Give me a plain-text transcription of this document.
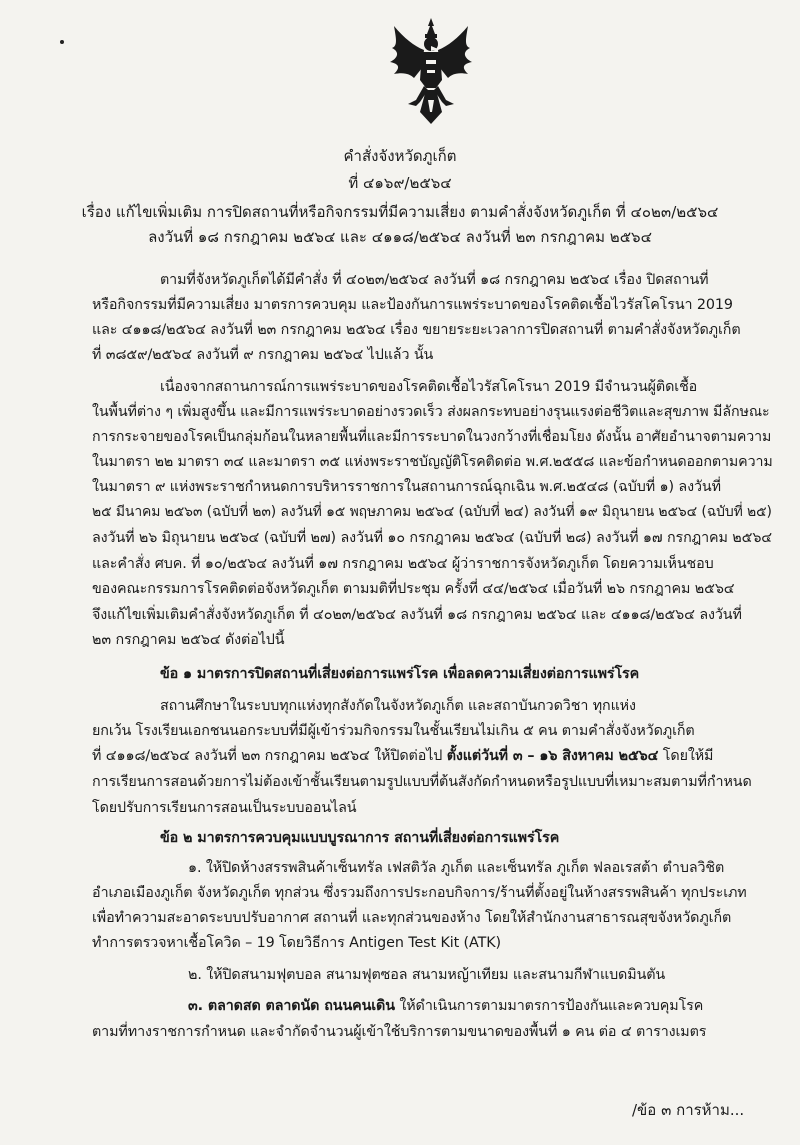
คำสั่งจังหวัดภูเก็ต
ที่ ๔๑๖๙/๒๕๖๔
เรื่อง แก้ไขเพิ่มเติม การปิดสถานที่หรือกิจกรรมที่มีความเสี่ยง ตามคำสั่งจังหวัดภูเก็ต ที่ ๔๐๒๓/๒๕๖๔
ลงวันที่ ๑๘ กรกฎาคม ๒๕๖๔ และ ๔๑๑๘/๒๕๖๔ ลงวันที่ ๒๓ กรกฎาคม ๒๕๖๔
ตามที่จังหวัดภูเก็ตได้มีคำสั่ง ที่ ๔๐๒๓/๒๕๖๔ ลงวันที่ ๑๘ กรกฎาคม ๒๕๖๔ เรื่อง ปิดสถานที่
หรือกิจกรรมที่มีความเสี่ยง มาตรการควบคุม และป้องกันการแพร่ระบาดของโรคติดเชื้อไวรัสโคโรนา 2019
และ ๔๑๑๘/๒๕๖๔ ลงวันที่ ๒๓ กรกฎาคม ๒๕๖๔ เรื่อง ขยายระยะเวลาการปิดสถานที่ ตามคำสั่งจังหวัดภูเก็ต
ที่ ๓๘๕๙/๒๕๖๔ ลงวันที่ ๙ กรกฎาคม ๒๕๖๔ ไปแล้ว นั้น
เนื่องจากสถานการณ์การแพร่ระบาดของโรคติดเชื้อไวรัสโคโรนา 2019 มีจำนวนผู้ติดเชื้อ
ในพื้นที่ต่าง ๆ เพิ่มสูงขึ้น และมีการแพร่ระบาดอย่างรวดเร็ว ส่งผลกระทบอย่างรุนแรงต่อชีวิตและสุขภาพ มีลักษณะ
การกระจายของโรคเป็นกลุ่มก้อนในหลายพื้นที่และมีการระบาดในวงกว้างที่เชื่อมโยง ดังนั้น อาศัยอำนาจตามความ
ในมาตรา ๒๒ มาตรา ๓๔ และมาตรา ๓๕ แห่งพระราชบัญญัติโรคติดต่อ พ.ศ.๒๕๕๘ และข้อกำหนดออกตามความ
ในมาตรา ๙ แห่งพระราชกำหนดการบริหารราชการในสถานการณ์ฉุกเฉิน พ.ศ.๒๕๔๘ (ฉบับที่ ๑) ลงวันที่
๒๕ มีนาคม ๒๕๖๓ (ฉบับที่ ๒๓) ลงวันที่ ๑๕ พฤษภาคม ๒๕๖๔ (ฉบับที่ ๒๔) ลงวันที่ ๑๙ มิถุนายน ๒๕๖๔ (ฉบับที่ ๒๕)
ลงวันที่ ๒๖ มิถุนายน ๒๕๖๔ (ฉบับที่ ๒๗) ลงวันที่ ๑๐ กรกฎาคม ๒๕๖๔ (ฉบับที่ ๒๘) ลงวันที่ ๑๗ กรกฎาคม ๒๕๖๔
และคำสั่ง ศบค. ที่ ๑๐/๒๕๖๔ ลงวันที่ ๑๗ กรกฎาคม ๒๕๖๔ ผู้ว่าราชการจังหวัดภูเก็ต โดยความเห็นชอบ
ของคณะกรรมการโรคติดต่อจังหวัดภูเก็ต ตามมติที่ประชุม ครั้งที่ ๔๔/๒๕๖๔ เมื่อวันที่ ๒๖ กรกฎาคม ๒๕๖๔
จึงแก้ไขเพิ่มเติมคำสั่งจังหวัดภูเก็ต ที่ ๔๐๒๓/๒๕๖๔ ลงวันที่ ๑๘ กรกฎาคม ๒๕๖๔ และ ๔๑๑๘/๒๕๖๔ ลงวันที่
๒๓ กรกฎาคม ๒๕๖๔ ดังต่อไปนี้
ข้อ ๑ มาตรการปิดสถานที่เสี่ยงต่อการแพร่โรค เพื่อลดความเสี่ยงต่อการแพร่โรค
สถานศึกษาในระบบทุกแห่งทุกสังกัดในจังหวัดภูเก็ต และสถาบันกวดวิชา ทุกแห่ง
ยกเว้น โรงเรียนเอกชนนอกระบบที่มีผู้เข้าร่วมกิจกรรมในชั้นเรียนไม่เกิน ๕ คน ตามคำสั่งจังหวัดภูเก็ต
ที่ ๔๑๑๘/๒๕๖๔ ลงวันที่ ๒๓ กรกฎาคม ๒๕๖๔ ให้ปิดต่อไป ตั้งแต่วันที่ ๓ – ๑๖ สิงหาคม ๒๕๖๔ โดยให้มี
การเรียนการสอนด้วยการไม่ต้องเข้าชั้นเรียนตามรูปแบบที่ต้นสังกัดกำหนดหรือรูปแบบที่เหมาะสมตามที่กำหนด
โดยปรับการเรียนการสอนเป็นระบบออนไลน์
ข้อ ๒ มาตรการควบคุมแบบบูรณาการ สถานที่เสี่ยงต่อการแพร่โรค
๑. ให้ปิดห้างสรรพสินค้าเซ็นทรัล เฟสติวัล ภูเก็ต และเซ็นทรัล ภูเก็ต ฟลอเรสต้า ตำบลวิชิต
อำเภอเมืองภูเก็ต จังหวัดภูเก็ต ทุกส่วน ซึ่งรวมถึงการประกอบกิจการ/ร้านที่ตั้งอยู่ในห้างสรรพสินค้า ทุกประเภท
เพื่อทำความสะอาดระบบปรับอากาศ สถานที่ และทุกส่วนของห้าง โดยให้สำนักงานสาธารณสุขจังหวัดภูเก็ต
ทำการตรวจหาเชื้อโควิด – 19 โดยวิธีการ Antigen Test Kit (ATK)
๒. ให้ปิดสนามฟุตบอล สนามฟุตซอล สนามหญ้าเทียม และสนามกีฬาแบดมินตัน
๓. ตลาดสด ตลาดนัด ถนนคนเดิน ให้ดำเนินการตามมาตรการป้องกันและควบคุมโรค
ตามที่ทางราชการกำหนด และจำกัดจำนวนผู้เข้าใช้บริการตามขนาดของพื้นที่ ๑ คน ต่อ ๔ ตารางเมตร
/ข้อ ๓ การห้าม...
